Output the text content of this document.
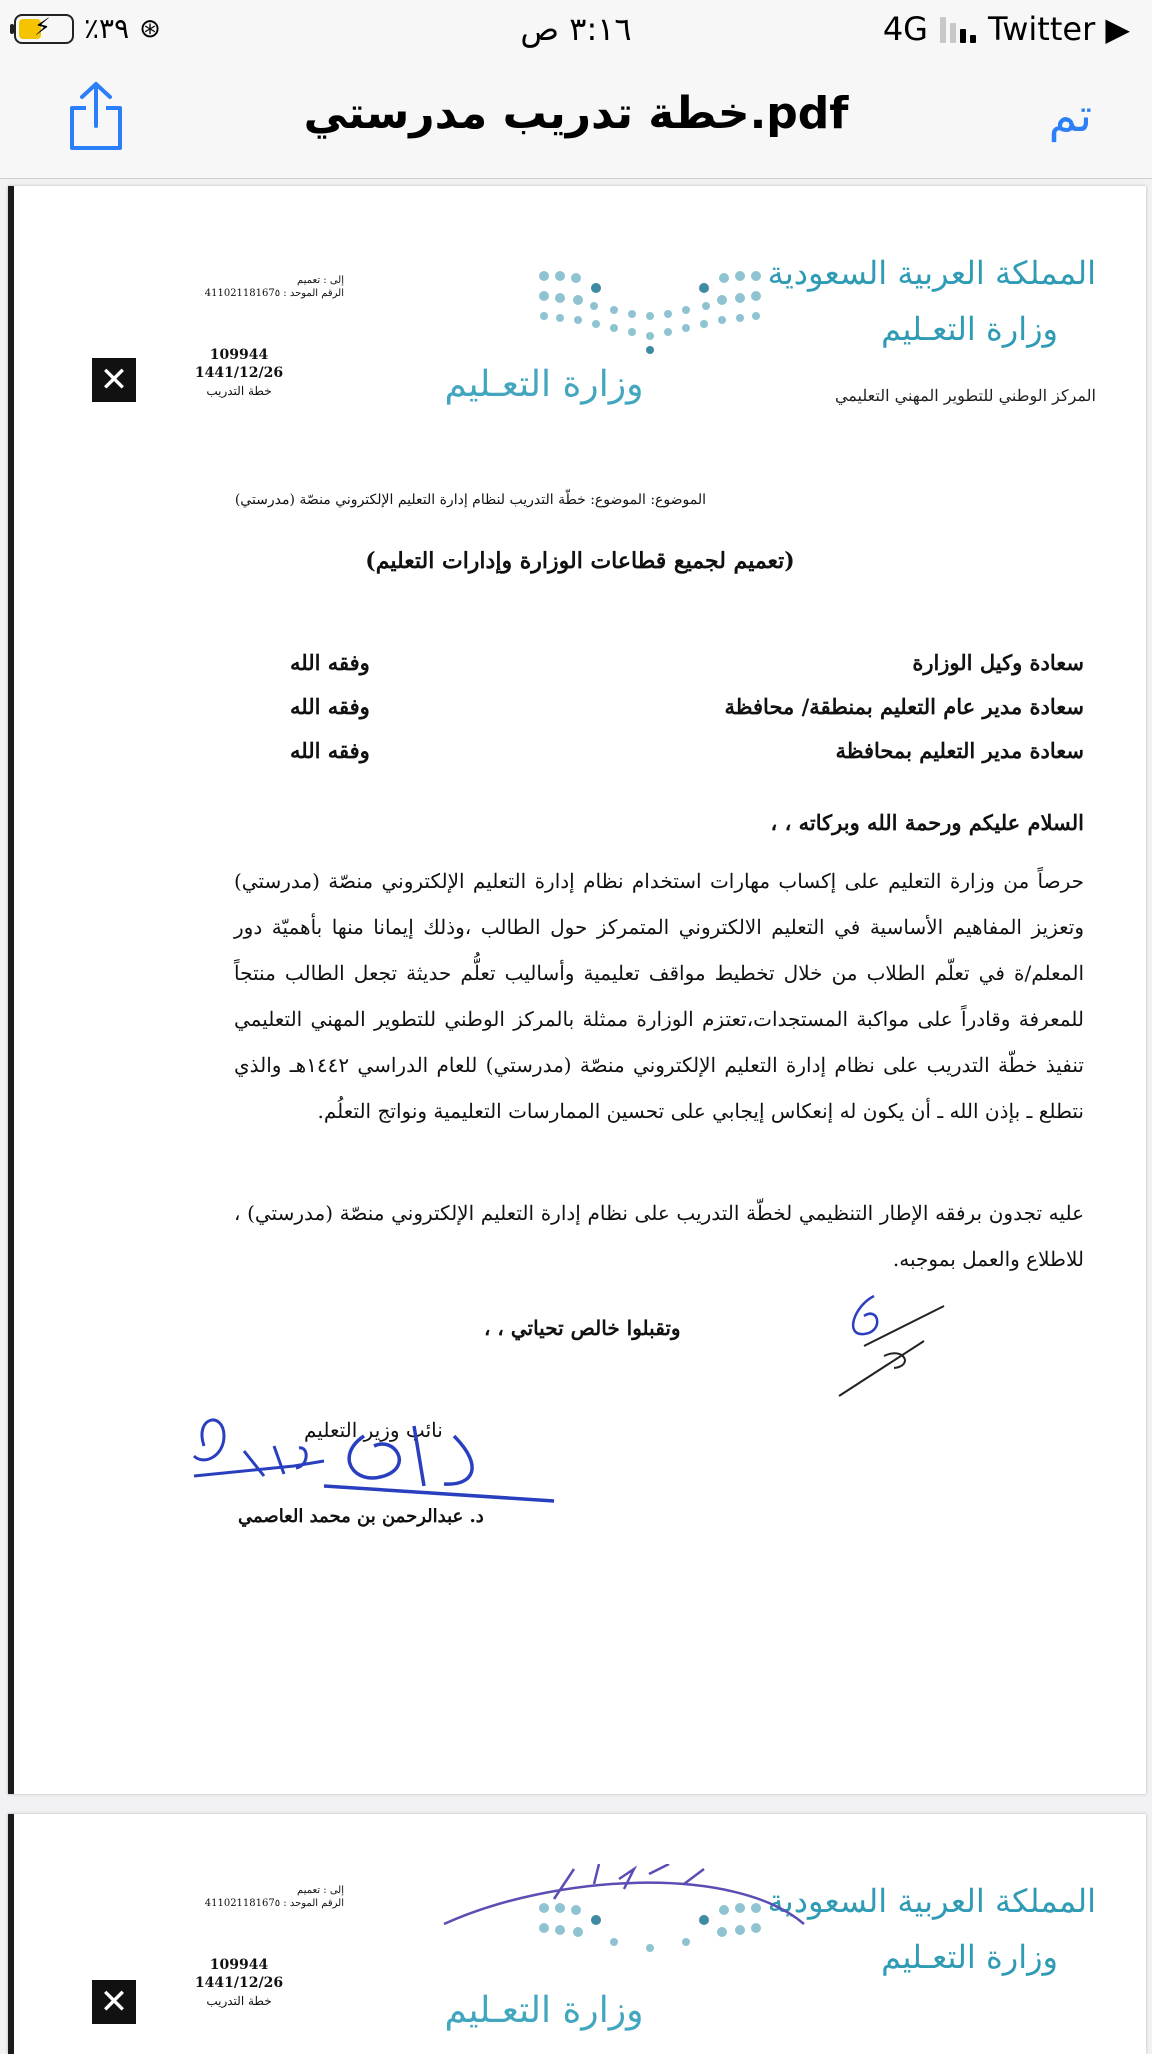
⚡ ٪٣٩ ⊛	٣:١٦ ص	4G Twitter ▶
خطة تدريب مدرستي.pdf	تم
المملكة العربية السعودية
وزارة التعـليم
المركز الوطني للتطوير المهني التعليمي
وزارة التعـليم
إلى : تعميم
الرقم الموحد : 41102118167٥
109944
1441/12/26
خطة التدريب
✕
الموضوع: الموضوع: خطّة التدريب لنظام إدارة التعليم الإلكتروني منصّة (مدرستي)
(تعميم لجميع قطاعات الوزارة وإدارات التعليم)
سعادة وكيل الوزارة
وفقه الله
سعادة مدير عام التعليم بمنطقة/ محافظة
وفقه الله
سعادة مدير التعليم بمحافظة
وفقه الله
السلام عليكم ورحمة الله وبركاته ، ،
حرصاً من وزارة التعليم على إكساب مهارات استخدام نظام إدارة التعليم الإلكتروني منصّة (مدرستي) وتعزيز المفاهيم الأساسية في التعليم الالكتروني المتمركز حول الطالب ،وذلك إيمانا منها بأهميّة دور المعلم/ة في تعلّم الطلاب من خلال تخطيط مواقف تعليمية وأساليب تعلُّم حديثة تجعل الطالب منتجاً للمعرفة وقادراً على مواكبة المستجدات،تعتزم الوزارة ممثلة بالمركز الوطني للتطوير المهني التعليمي تنفيذ خطّة التدريب على نظام إدارة التعليم الإلكتروني منصّة (مدرستي) للعام الدراسي ١٤٤٢هـ والذي نتطلع ـ بإذن الله ـ أن يكون له إنعكاس إيجابي على تحسين الممارسات التعليمية ونواتج التعلُم.
عليه تجدون برفقه الإطار التنظيمي لخطّة التدريب على نظام إدارة التعليم الإلكتروني منصّة (مدرستي) ، للاطلاع والعمل بموجبه.
وتقبلوا خالص تحياتي ، ،
نائب وزير التعليم
د. عبدالرحمن بن محمد العاصمي
المملكة العربية السعودية
وزارة التعـليم
وزارة التعـليم
إلى : تعميم
الرقم الموحد : 41102118167٥
109944
1441/12/26
خطة التدريب
✕
